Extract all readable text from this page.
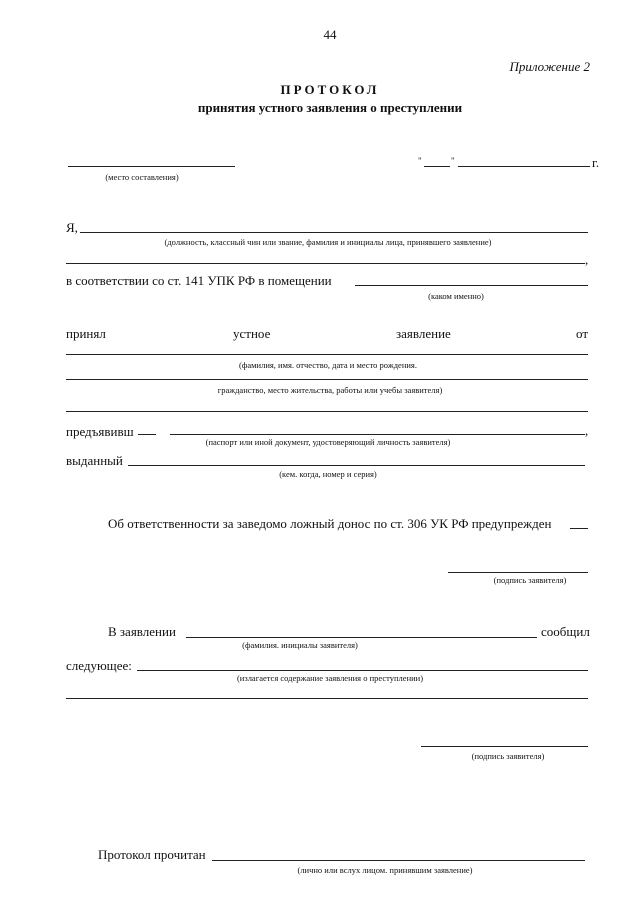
44
Приложение 2
ПРОТОКОЛ
принятия устного заявления о преступлении
(место составления)
"	"	г.
Я,
(должность, классный чин или звание, фамилия и инициалы лица, принявшего заявление)
,
в соответствии со ст. 141 УПК РФ в помещении
(каком именно)
принял	устное	заявление	от
(фамилия, имя. отчество, дата и место рождения.
гражданство, место жительства, работы или учебы заявителя)
предъявивш	,
(паспорт или иной документ, удостоверяющий личность заявителя)
выданный
(кем. когда, номер и серия)
Об ответственности за заведомо ложный донос по ст. 306 УК РФ предупрежден
(подпись заявителя)
В заявлении	сообщил
(фамилия. инициалы заявителя)
следующее:
(излагается содержание заявления о преступлении)
(подпись заявителя)
Протокол прочитан
(лично или вслух лицом. принявшим заявление)
